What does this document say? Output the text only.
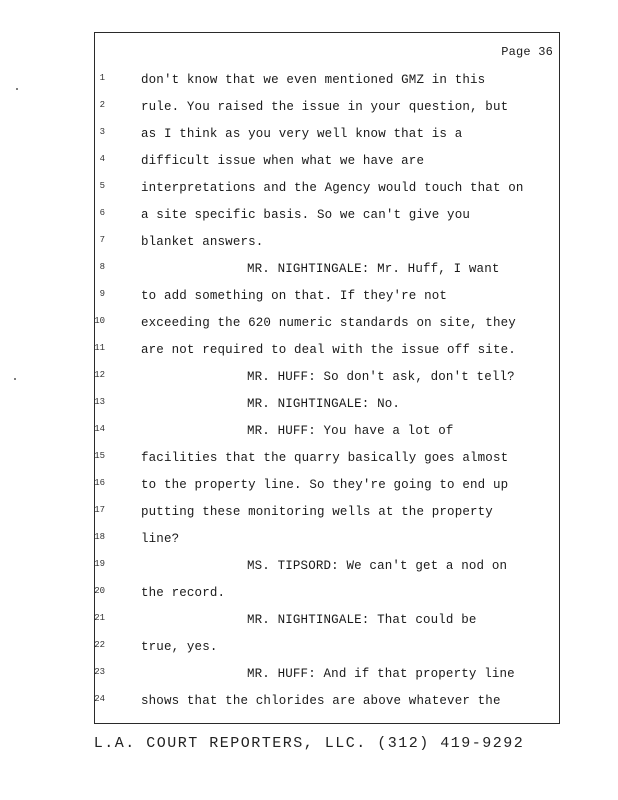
Page 36
1	don't know that we even mentioned GMZ in this
2	rule. You raised the issue in your question, but
3	as I think as you very well know that is a
4	difficult issue when what we have are
5	interpretations and the Agency would touch that on
6	a site specific basis. So we can't give you
7	blanket answers.
8	MR. NIGHTINGALE: Mr. Huff, I want
9	to add something on that. If they're not
10	exceeding the 620 numeric standards on site, they
11	are not required to deal with the issue off site.
12	MR. HUFF: So don't ask, don't tell?
13	MR. NIGHTINGALE: No.
14	MR. HUFF: You have a lot of
15	facilities that the quarry basically goes almost
16	to the property line. So they're going to end up
17	putting these monitoring wells at the property
18	line?
19	MS. TIPSORD: We can't get a nod on
20	the record.
21	MR. NIGHTINGALE: That could be
22	true, yes.
23	MR. HUFF: And if that property line
24	shows that the chlorides are above whatever the
L.A. COURT REPORTERS, LLC. (312) 419-9292
